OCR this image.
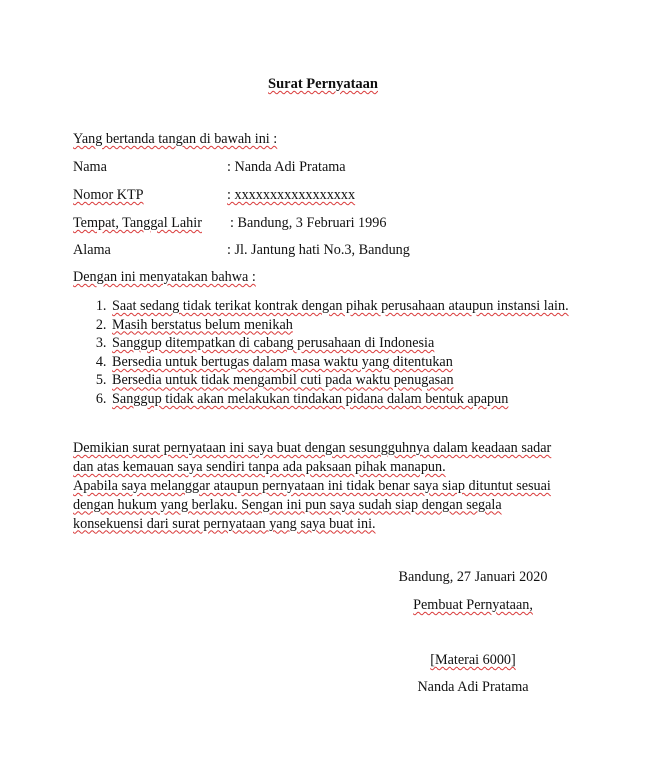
Surat Pernyataan
Yang bertanda tangan di bawah ini :
Nama	: Nanda Adi Pratama
Nomor KTP	: xxxxxxxxxxxxxxxxx
Tempat, Tanggal Lahir : Bandung, 3 Februari 1996
Alama	: Jl. Jantung hati No.3, Bandung
Dengan ini menyatakan bahwa :
1. Saat sedang tidak terikat kontrak dengan pihak perusahaan ataupun instansi lain.
2. Masih berstatus belum menikah
3. Sanggup ditempatkan di cabang perusahaan di Indonesia
4. Bersedia untuk bertugas dalam masa waktu yang ditentukan
5. Bersedia untuk tidak mengambil cuti pada waktu penugasan
6. Sanggup tidak akan melakukan tindakan pidana dalam bentuk apapun

Demikian surat pernyataan ini saya buat dengan sesungguhnya dalam keadaan sadar dan atas kemauan saya sendiri tanpa ada paksaan pihak manapun.

Apabila saya melanggar ataupun pernyataan ini tidak benar saya siap dituntut sesuai dengan hukum yang berlaku. Sengan ini pun saya sudah siap dengan segala konsekuensi dari surat pernyataan yang saya buat ini.

Bandung, 27 Januari 2020
Pembuat Pernyataan,
[Materai 6000]
Nanda Adi Pratama
